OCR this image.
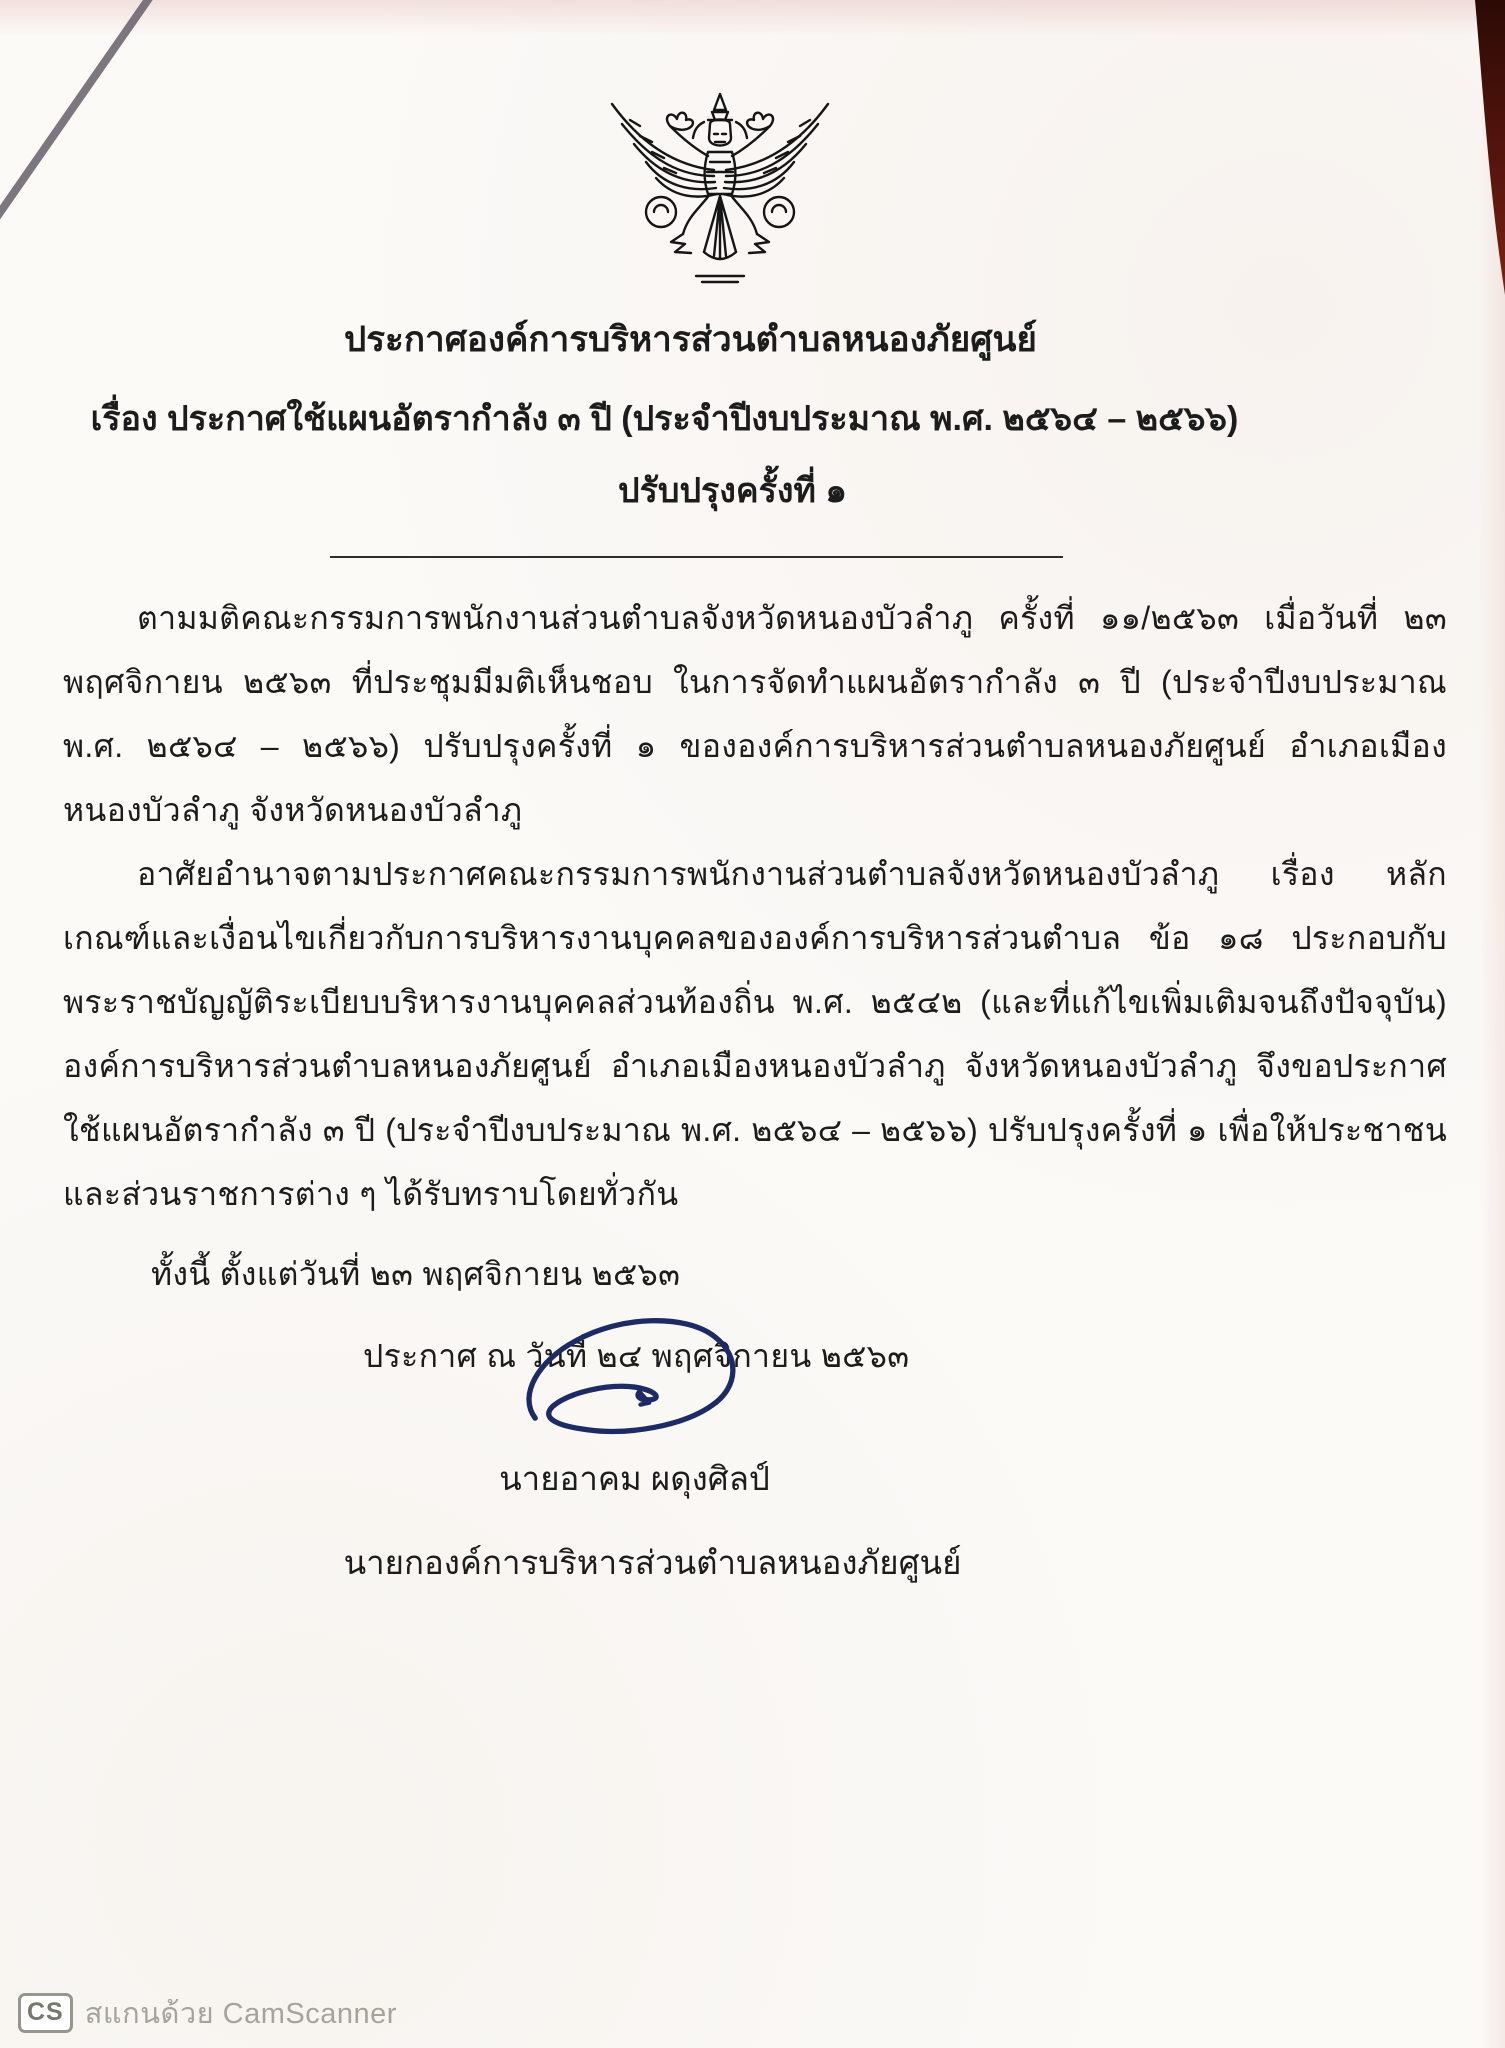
ประกาศองค์การบริหารส่วนตำบลหนองภัยศูนย์

เรื่อง ประกาศใช้แผนอัตรากำลัง ๓ ปี (ประจำปีงบประมาณ พ.ศ. ๒๕๖๔ – ๒๕๖๖)

ปรับปรุงครั้งที่ ๑

ตามมติคณะกรรมการพนักงานส่วนตำบลจังหวัดหนองบัวลำภู ครั้งที่ ๑๑/๒๕๖๓ เมื่อวันที่ ๒๓ พฤศจิกายน ๒๕๖๓ ที่ประชุมมีมติเห็นชอบ ในการจัดทำแผนอัตรากำลัง ๓ ปี (ประจำปีงบประมาณ พ.ศ. ๒๕๖๔ – ๒๕๖๖) ปรับปรุงครั้งที่ ๑ ขององค์การบริหารส่วนตำบลหนองภัยศูนย์ อำเภอเมืองหนองบัวลำภู จังหวัดหนองบัวลำภู

อาศัยอำนาจตามประกาศคณะกรรมการพนักงานส่วนตำบลจังหวัดหนองบัวลำภู เรื่อง หลักเกณฑ์และเงื่อนไขเกี่ยวกับการบริหารงานบุคคลขององค์การบริหารส่วนตำบล ข้อ ๑๘ ประกอบกับพระราชบัญญัติระเบียบบริหารงานบุคคลส่วนท้องถิ่น พ.ศ. ๒๕๔๒ (และที่แก้ไขเพิ่มเติมจนถึงปัจจุบัน) องค์การบริหารส่วนตำบลหนองภัยศูนย์ อำเภอเมืองหนองบัวลำภู จังหวัดหนองบัวลำภู จึงขอประกาศใช้แผนอัตรากำลัง ๓ ปี (ประจำปีงบประมาณ พ.ศ. ๒๕๖๔ – ๒๕๖๖) ปรับปรุงครั้งที่ ๑ เพื่อให้ประชาชนและส่วนราชการต่าง ๆ ได้รับทราบโดยทั่วกัน

ทั้งนี้ ตั้งแต่วันที่ ๒๓ พฤศจิกายน ๒๕๖๓

ประกาศ ณ วันที่ ๒๔ พฤศจิกายน ๒๕๖๓

นายอาคม ผดุงศิลป์

นายกองค์การบริหารส่วนตำบลหนองภัยศูนย์

CS สแกนด้วย CamScanner
